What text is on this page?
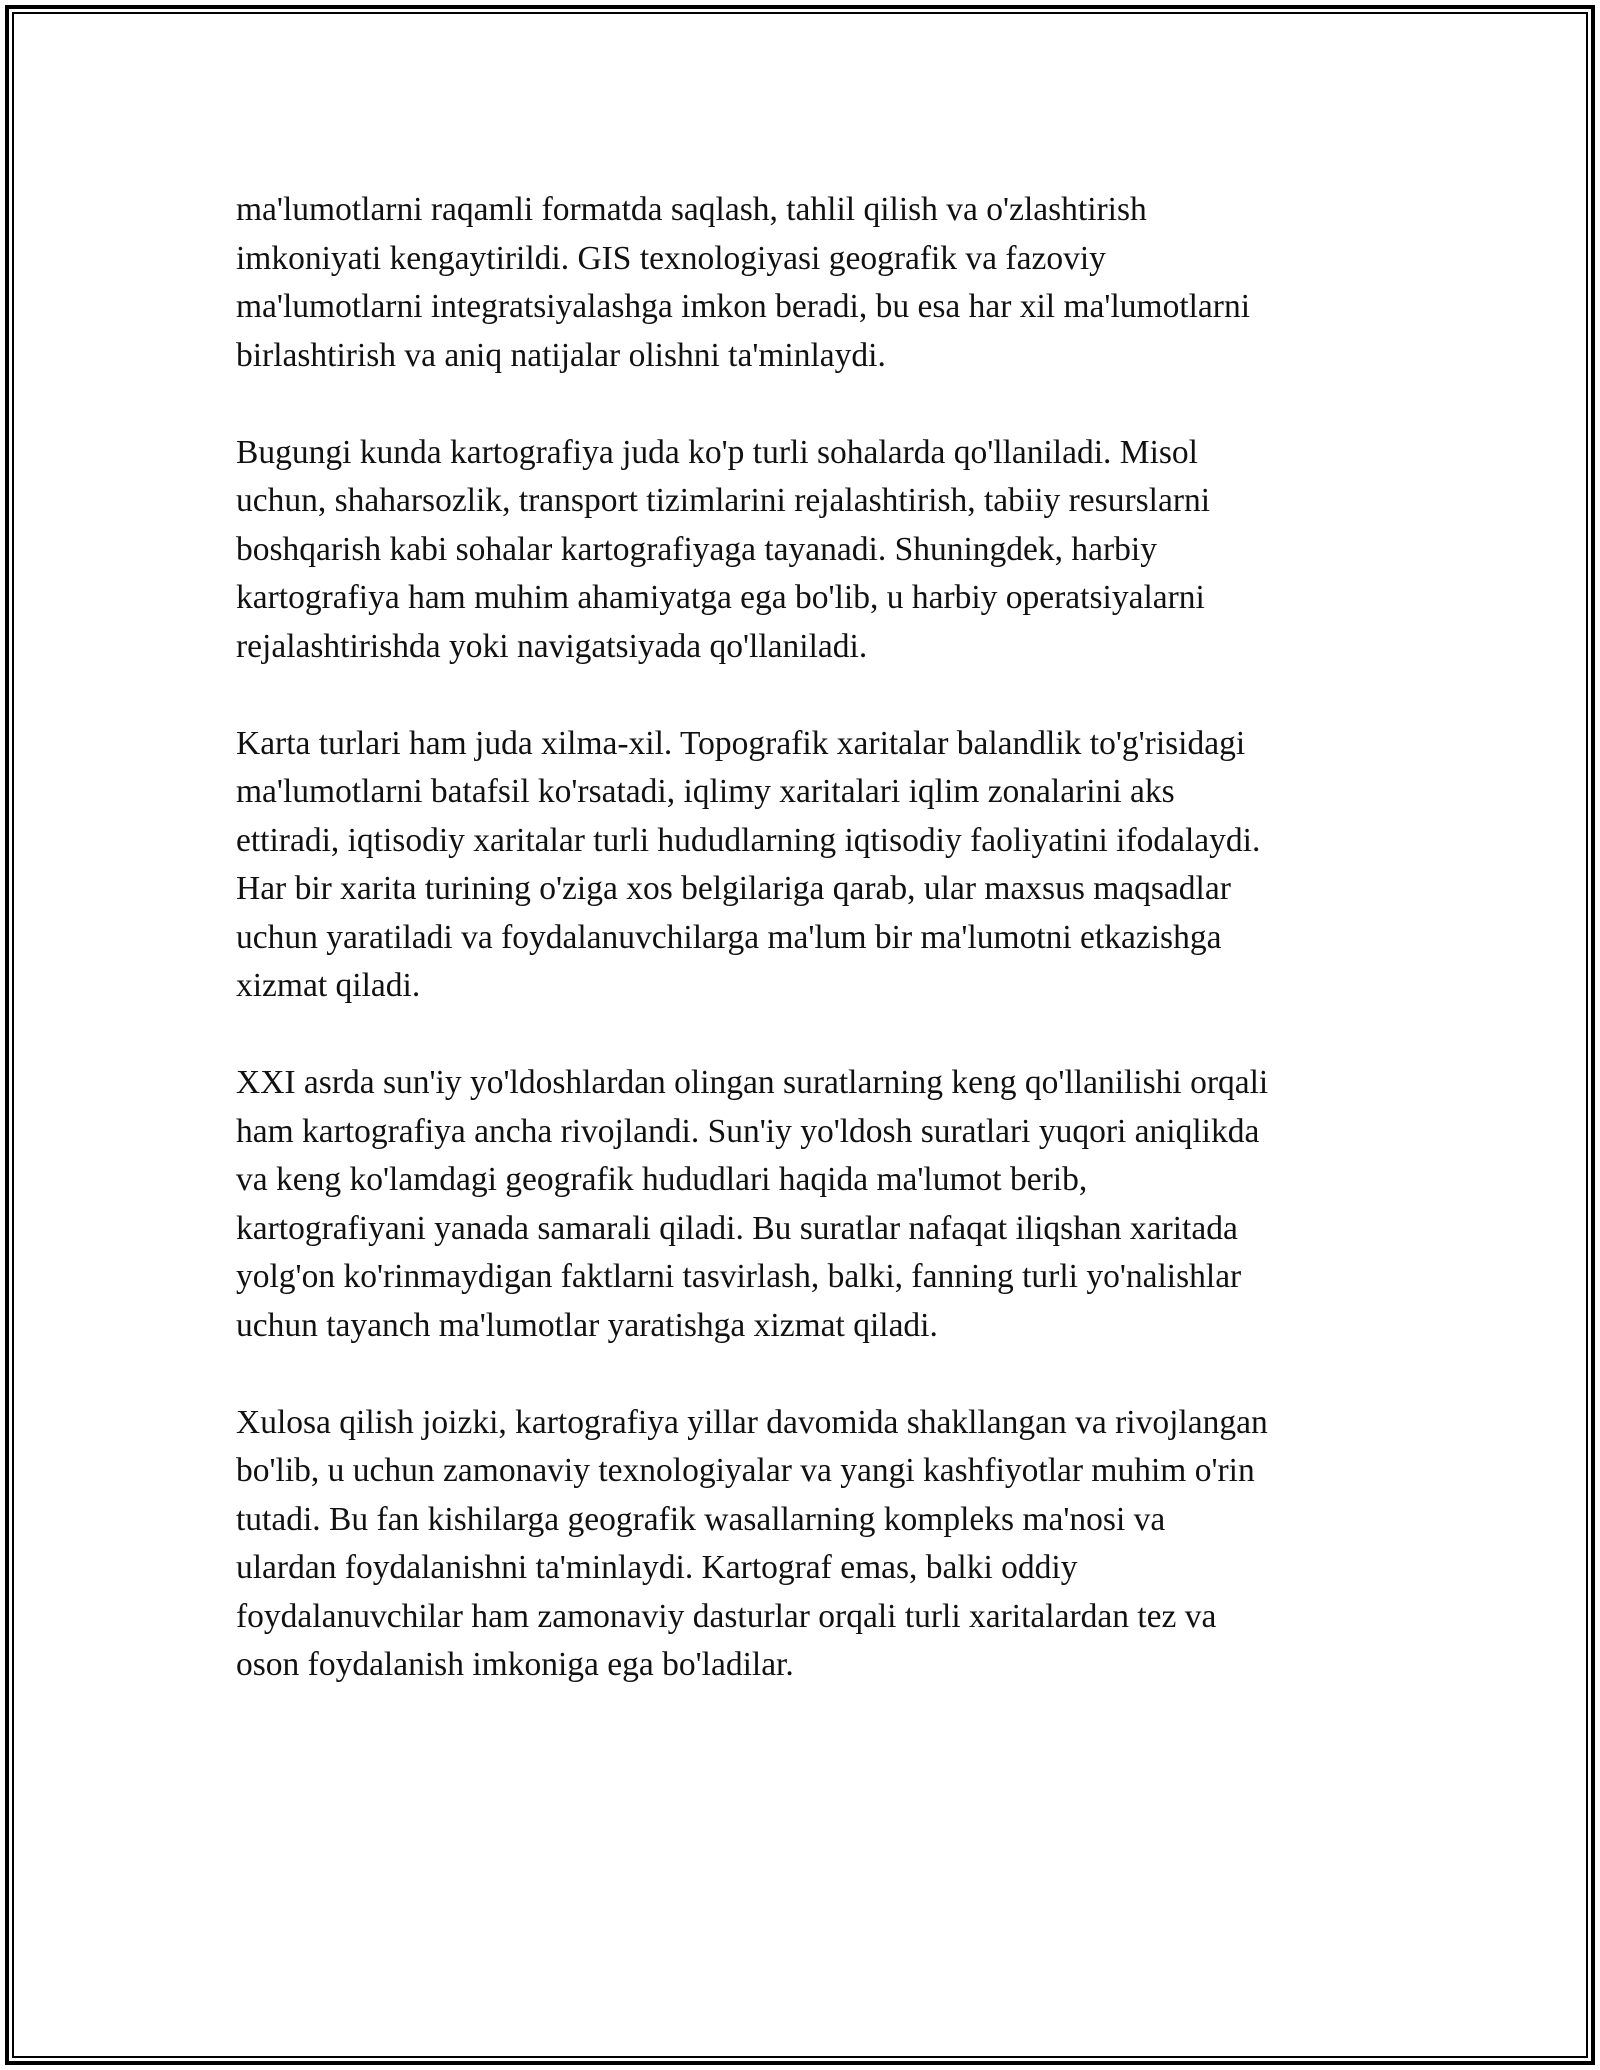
ma'lumotlarni raqamli formatda saqlash, tahlil qilish va o'zlashtirish
imkoniyati kengaytirildi. GIS texnologiyasi geografik va fazoviy
ma'lumotlarni integratsiyalashga imkon beradi, bu esa har xil ma'lumotlarni
birlashtirish va aniq natijalar olishni ta'minlaydi.

Bugungi kunda kartografiya juda ko'p turli sohalarda qo'llaniladi. Misol
uchun, shaharsozlik, transport tizimlarini rejalashtirish, tabiiy resurslarni
boshqarish kabi sohalar kartografiyaga tayanadi. Shuningdek, harbiy
kartografiya ham muhim ahamiyatga ega bo'lib, u harbiy operatsiyalarni
rejalashtirishda yoki navigatsiyada qo'llaniladi.

Karta turlari ham juda xilma-xil. Topografik xaritalar balandlik to'g'risidagi
ma'lumotlarni batafsil ko'rsatadi, iqlimy xaritalari iqlim zonalarini aks
ettiradi, iqtisodiy xaritalar turli hududlarning iqtisodiy faoliyatini ifodalaydi.
Har bir xarita turining o'ziga xos belgilariga qarab, ular maxsus maqsadlar
uchun yaratiladi va foydalanuvchilarga ma'lum bir ma'lumotni etkazishga
xizmat qiladi.

XXI asrda sun'iy yo'ldoshlardan olingan suratlarning keng qo'llanilishi orqali
ham kartografiya ancha rivojlandi. Sun'iy yo'ldosh suratlari yuqori aniqlikda
va keng ko'lamdagi geografik hududlari haqida ma'lumot berib,
kartografiyani yanada samarali qiladi. Bu suratlar nafaqat iliqshan xaritada
yolg'on ko'rinmaydigan faktlarni tasvirlash, balki, fanning turli yo'nalishlar
uchun tayanch ma'lumotlar yaratishga xizmat qiladi.

Xulosa qilish joizki, kartografiya yillar davomida shakllangan va rivojlangan
bo'lib, u uchun zamonaviy texnologiyalar va yangi kashfiyotlar muhim o'rin
tutadi. Bu fan kishilarga geografik wasallarning kompleks ma'nosi va
ulardan foydalanishni ta'minlaydi. Kartograf emas, balki oddiy
foydalanuvchilar ham zamonaviy dasturlar orqali turli xaritalardan tez va
oson foydalanish imkoniga ega bo'ladilar.
